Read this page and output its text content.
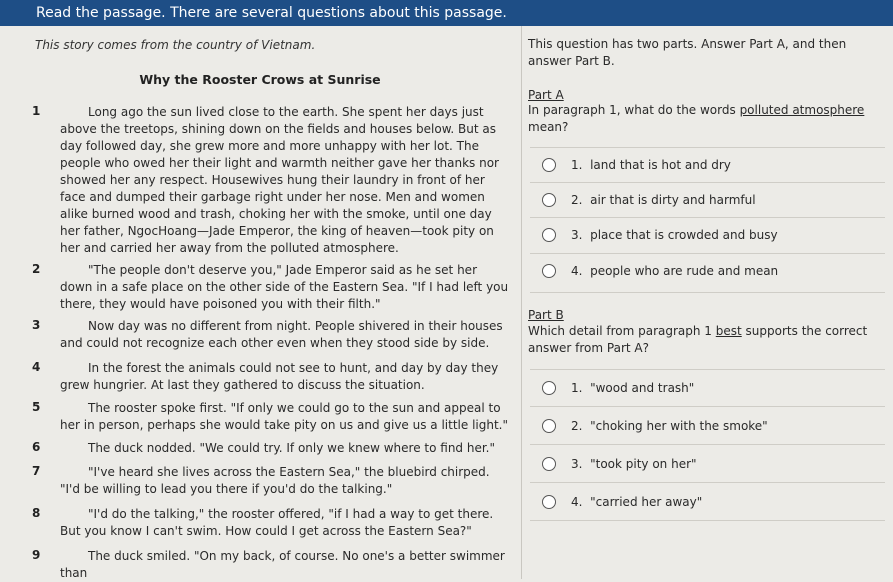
Read the passage. There are several questions about this passage.
This story comes from the country of Vietnam.
Why the Rooster Crows at Sunrise
1	Long ago the sun lived close to the earth. She spent her days just above the treetops, shining down on the fields and houses below. But as day followed day, she grew more and more unhappy with her lot. The people who owed her their light and warmth neither gave her thanks nor showed her any respect. Housewives hung their laundry in front of her face and dumped their garbage right under her nose. Men and women alike burned wood and trash, choking her with the smoke, until one day her father, NgocHoang—Jade Emperor, the king of heaven—took pity on her and carried her away from the polluted atmosphere.
2	"The people don't deserve you," Jade Emperor said as he set her down in a safe place on the other side of the Eastern Sea. "If I had left you there, they would have poisoned you with their filth."
3	Now day was no different from night. People shivered in their houses and could not recognize each other even when they stood side by side.
4	In the forest the animals could not see to hunt, and day by day they grew hungrier. At last they gathered to discuss the situation.
5	The rooster spoke first. "If only we could go to the sun and appeal to her in person, perhaps she would take pity on us and give us a little light."
6	The duck nodded. "We could try. If only we knew where to find her."
7	"I've heard she lives across the Eastern Sea," the bluebird chirped. "I'd be willing to lead you there if you'd do the talking."
8	"I'd do the talking," the rooster offered, "if I had a way to get there. But you know I can't swim. How could I get across the Eastern Sea?"
9	The duck smiled. "On my back, of course. No one's a better swimmer than
This question has two parts. Answer Part A, and then answer Part B.
Part A
In paragraph 1, what do the words polluted atmosphere mean?
1. land that is hot and dry
2. air that is dirty and harmful
3. place that is crowded and busy
4. people who are rude and mean
Part B
Which detail from paragraph 1 best supports the correct answer from Part A?
1. "wood and trash"
2. "choking her with the smoke"
3. "took pity on her"
4. "carried her away"
